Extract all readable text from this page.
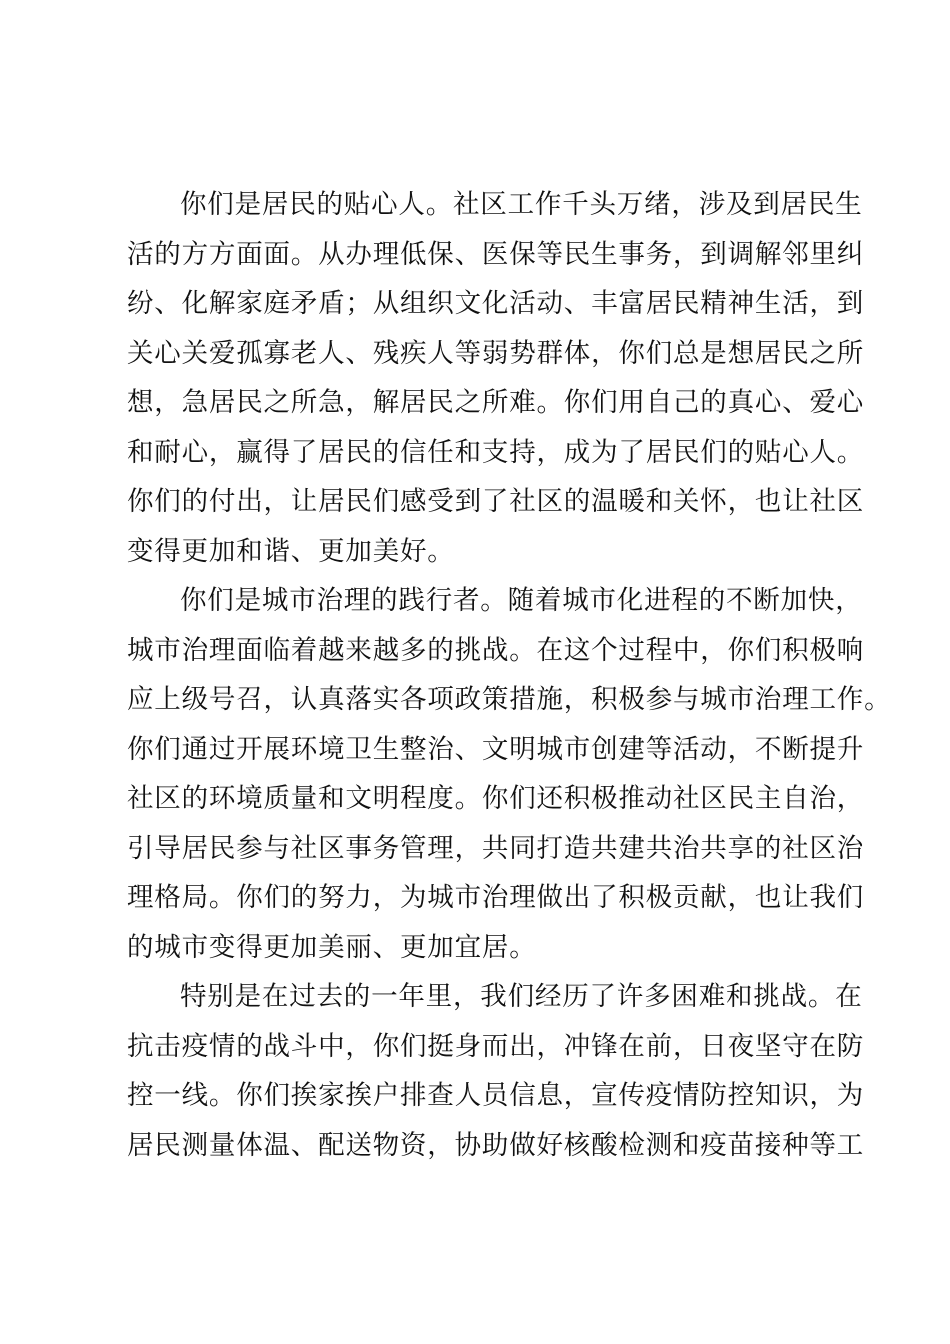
你们是居民的贴心人。社区工作千头万绪，涉及到居民生
活的方方面面。从办理低保、医保等民生事务，到调解邻里纠
纷、化解家庭矛盾；从组织文化活动、丰富居民精神生活，到
关心关爱孤寡老人、残疾人等弱势群体，你们总是想居民之所
想，急居民之所急，解居民之所难。你们用自己的真心、爱心
和耐心，赢得了居民的信任和支持，成为了居民们的贴心人。
你们的付出，让居民们感受到了社区的温暖和关怀，也让社区
变得更加和谐、更加美好。
你们是城市治理的践行者。随着城市化进程的不断加快，
城市治理面临着越来越多的挑战。在这个过程中，你们积极响
应上级号召，认真落实各项政策措施，积极参与城市治理工作。
你们通过开展环境卫生整治、文明城市创建等活动，不断提升
社区的环境质量和文明程度。你们还积极推动社区民主自治，
引导居民参与社区事务管理，共同打造共建共治共享的社区治
理格局。你们的努力，为城市治理做出了积极贡献，也让我们
的城市变得更加美丽、更加宜居。
特别是在过去的一年里，我们经历了许多困难和挑战。在
抗击疫情的战斗中，你们挺身而出，冲锋在前，日夜坚守在防
控一线。你们挨家挨户排查人员信息，宣传疫情防控知识，为
居民测量体温、配送物资，协助做好核酸检测和疫苗接种等工
